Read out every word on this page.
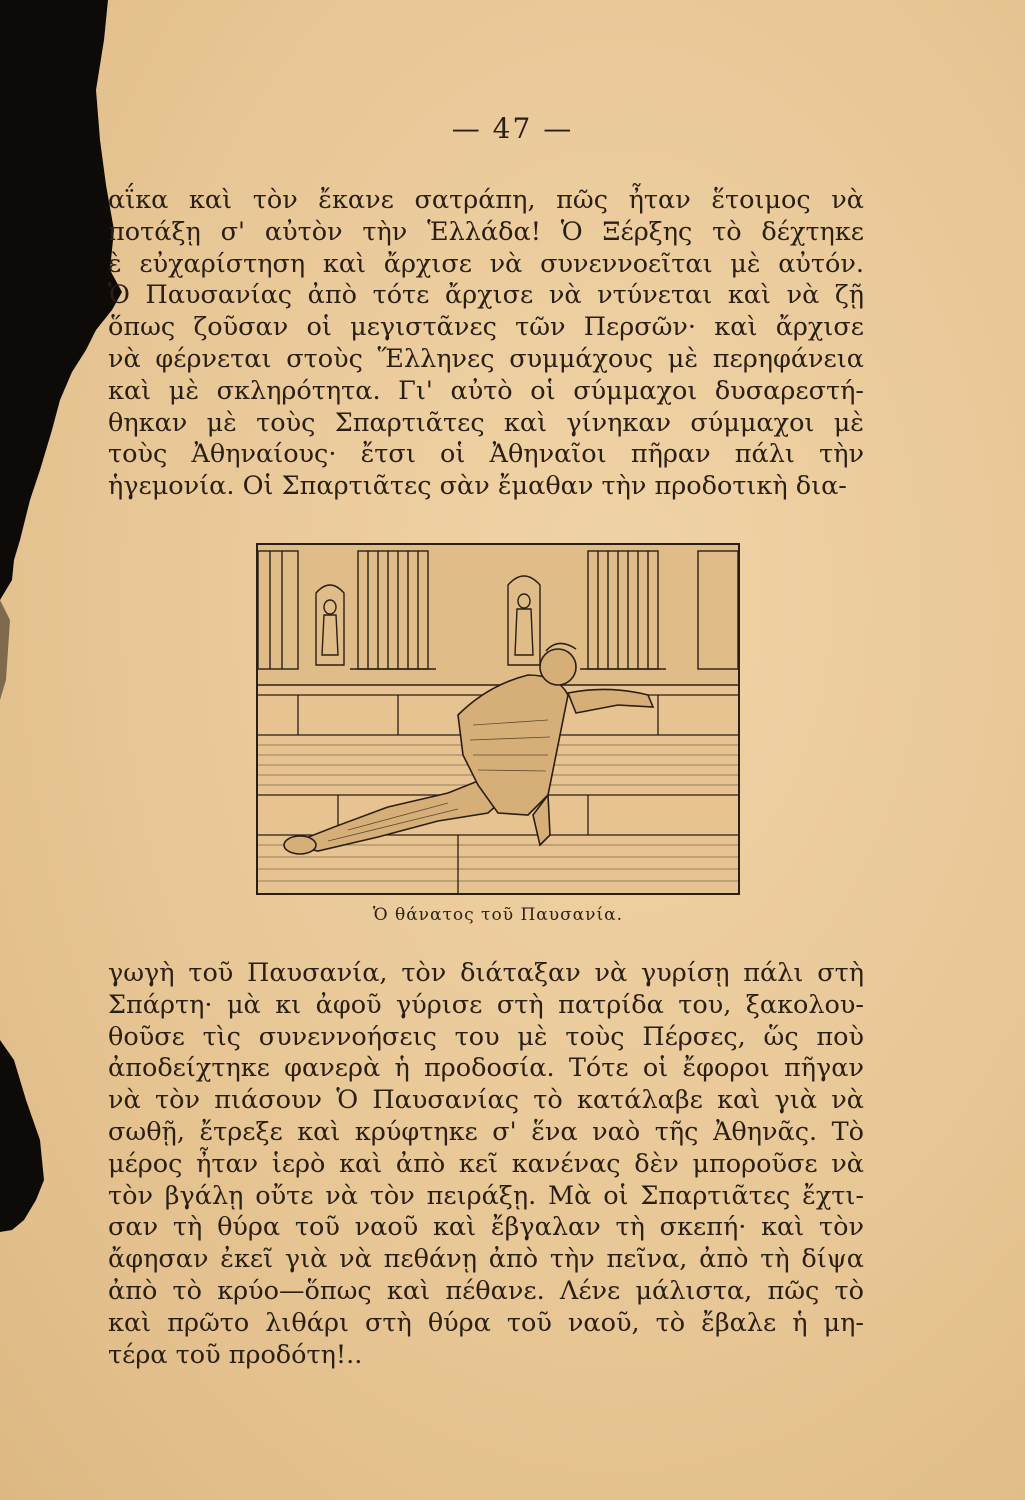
— 47 —
αΐκα καὶ τὸν ἔκανε σατράπη, πῶς ἦταν ἕτοιμος νὰ
ποτάξῃ σ' αὐτὸν τὴν Ἑλλάδα! Ὁ Ξέρξης τὸ δέχτηκε
ὲ εὐχαρίστηση καὶ ἄρχισε νὰ συνεννοεῖται μὲ αὐτόν.
Ὁ Παυσανίας ἀπὸ τότε ἄρχισε νὰ ντύνεται καὶ νὰ ζῇ
ὅπως ζοῦσαν οἱ μεγιστᾶνες τῶν Περσῶν· καὶ ἄρχισε
νὰ φέρνεται στοὺς Ἕλληνες συμμάχους μὲ περηφάνεια
καὶ μὲ σκληρότητα. Γι' αὐτὸ οἱ σύμμαχοι δυσαρεστή-
θηκαν μὲ τοὺς Σπαρτιᾶτες καὶ γίνηκαν σύμμαχοι μὲ
τοὺς Ἀθηναίους· ἔτσι οἱ Ἀθηναῖοι πῆραν πάλι τὴν
ἡγεμονία. Οἱ Σπαρτιᾶτες σὰν ἔμαθαν τὴν προδοτικὴ δια-
Ὁ θάνατος τοῦ Παυσανία.
γωγὴ τοῦ Παυσανία, τὸν διάταξαν νὰ γυρίσῃ πάλι στὴ
Σπάρτη· μὰ κι ἀφοῦ γύρισε στὴ πατρίδα του, ξακολου-
θοῦσε τὶς συνεννοήσεις του μὲ τοὺς Πέρσες, ὥς ποὺ
ἀποδείχτηκε φανερὰ ἡ προδοσία. Τότε οἱ ἔφοροι πῆγαν
νὰ τὸν πιάσουν Ὁ Παυσανίας τὸ κατάλαβε καὶ γιὰ νὰ
σωθῇ, ἔτρεξε καὶ κρύφτηκε σ' ἕνα ναὸ τῆς Ἀθηνᾶς. Τὸ
μέρος ἦταν ἱερὸ καὶ ἀπὸ κεῖ κανένας δὲν μποροῦσε νὰ
τὸν βγάλῃ οὔτε νὰ τὸν πειράξῃ. Μὰ οἱ Σπαρτιᾶτες ἔχτι-
σαν τὴ θύρα τοῦ ναοῦ καὶ ἔβγαλαν τὴ σκεπή· καὶ τὸν
ἄφησαν ἐκεῖ γιὰ νὰ πεθάνῃ ἀπὸ τὴν πεῖνα, ἀπὸ τὴ δίψα
ἀπὸ τὸ κρύο—ὅπως καὶ πέθανε. Λένε μάλιστα, πῶς τὸ
καὶ πρῶτο λιθάρι στὴ θύρα τοῦ ναοῦ, τὸ ἔβαλε ἡ μη-
τέρα τοῦ προδότη!..
